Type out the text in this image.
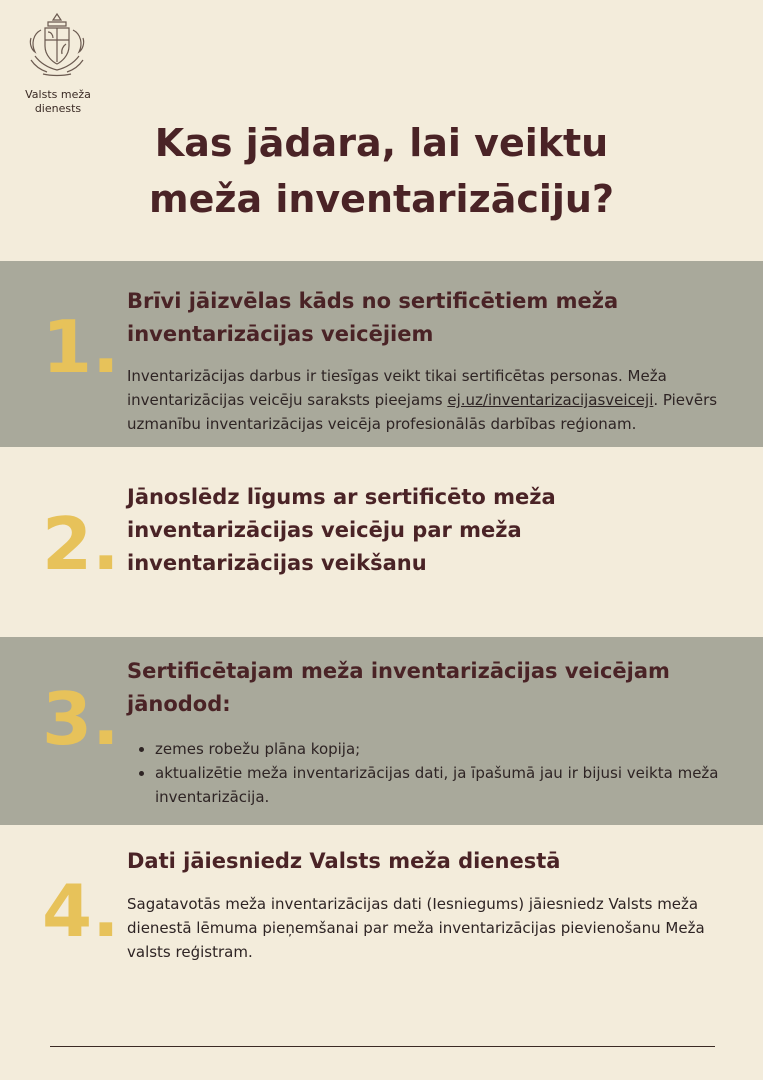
Valsts meža dienests
Kas jādara, lai veiktu meža inventarizāciju?
1.

Brīvi jāizvēlas kāds no sertificētiem meža inventarizācijas veicējiem

Inventarizācijas darbus ir tiesīgas veikt tikai sertificētas personas. Meža inventarizācijas veicēju saraksts pieejams ej.uz/inventarizacijasveiceji. Pievērs uzmanību inventarizācijas veicēja profesionālās darbības reģionam.

2.

Jānoslēdz līgums ar sertificēto meža inventarizācijas veicēju par meža inventarizācijas veikšanu

3.

Sertificētajam meža inventarizācijas veicējam jānodod:

• zemes robežu plāna kopija;
• aktualizētie meža inventarizācijas dati, ja īpašumā jau ir bijusi veikta meža inventarizācija.
4.

Dati jāiesniedz Valsts meža dienestā

Sagatavotās meža inventarizācijas dati (Iesniegums) jāiesniedz Valsts meža dienestā lēmuma pieņemšanai par meža inventarizācijas pievienošanu Meža valsts reģistram.
